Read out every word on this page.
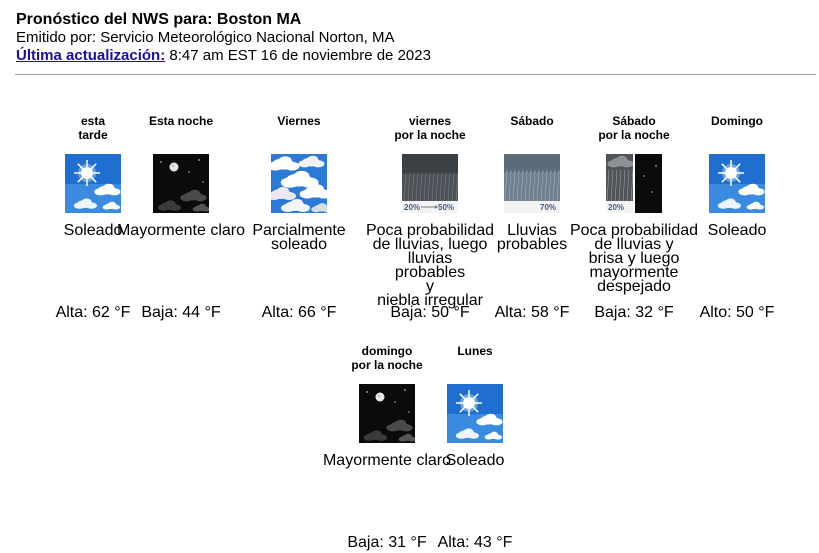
Pronóstico del NWS para: Boston MA
Emitido por: Servicio Meteorológico Nacional Norton, MA
Última actualización: 8:47 am EST 16 de noviembre de 2023
esta
tarde
Soleado
Alta: 62 °F
Esta noche
Mayormente claro
Baja: 44 °F
Viernes
Parcialmente soleado
Alta: 66 °F
viernes
por la noche
20% 50%
Poca probabilidad
de lluvias, luego lluvias
probables
y
niebla irregular
Baja: 50 °F
Sábado
70%
Lluvias
probables
Alta: 58 °F
Sábado
por la noche
20%
Poca probabilidad
de lluvias y
brisa y luego
mayormente despejado
Baja: 32 °F
Domingo
Soleado
Alto: 50 °F
domingo
por la noche
Mayormente claro
Baja: 31 °F
Lunes
Soleado
Alta: 43 °F
